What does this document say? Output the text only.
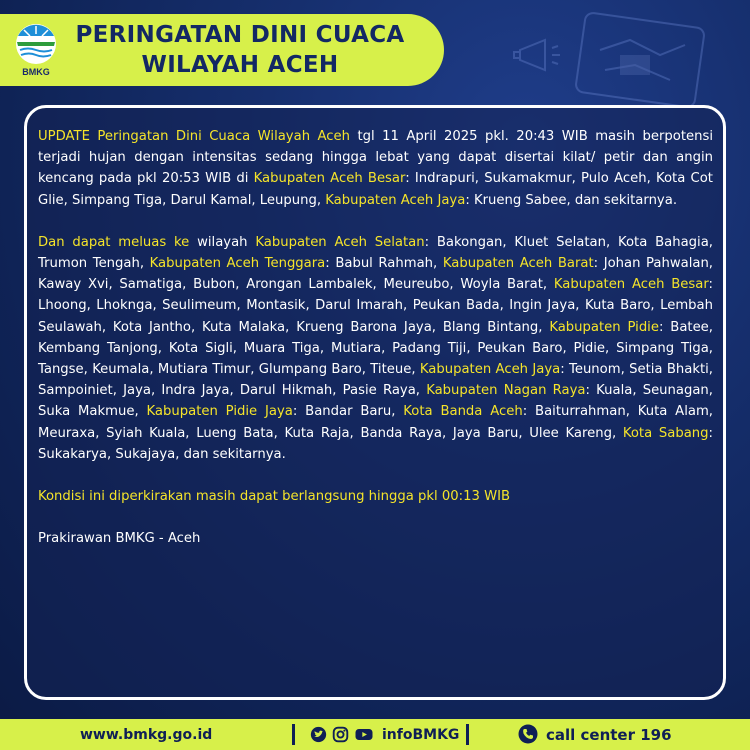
BMKG
PERINGATAN DINI CUACA
WILAYAH ACEH

UPDATE Peringatan Dini Cuaca Wilayah Aceh tgl 11 April 2025 pkl. 20:43 WIB masih berpotensi terjadi hujan dengan intensitas sedang hingga lebat yang dapat disertai kilat/ petir dan angin kencang pada pkl 20:53 WIB di Kabupaten Aceh Besar: Indrapuri, Sukamakmur, Pulo Aceh, Kota Cot Glie, Simpang Tiga, Darul Kamal, Leupung, Kabupaten Aceh Jaya: Krueng Sabee, dan sekitarnya.

Dan dapat meluas ke wilayah Kabupaten Aceh Selatan: Bakongan, Kluet Selatan, Kota Bahagia, Trumon Tengah, Kabupaten Aceh Tenggara: Babul Rahmah, Kabupaten Aceh Barat: Johan Pahwalan, Kaway Xvi, Samatiga, Bubon, Arongan Lambalek, Meureubo, Woyla Barat, Kabupaten Aceh Besar: Lhoong, Lhoknga, Seulimeum, Montasik, Darul Imarah, Peukan Bada, Ingin Jaya, Kuta Baro, Lembah Seulawah, Kota Jantho, Kuta Malaka, Krueng Barona Jaya, Blang Bintang, Kabupaten Pidie: Batee, Kembang Tanjong, Kota Sigli, Muara Tiga, Mutiara, Padang Tiji, Peukan Baro, Pidie, Simpang Tiga, Tangse, Keumala, Mutiara Timur, Glumpang Baro, Titeue, Kabupaten Aceh Jaya: Teunom, Setia Bhakti, Sampoiniet, Jaya, Indra Jaya, Darul Hikmah, Pasie Raya, Kabupaten Nagan Raya: Kuala, Seunagan, Suka Makmue, Kabupaten Pidie Jaya: Bandar Baru, Kota Banda Aceh: Baiturrahman, Kuta Alam, Meuraxa, Syiah Kuala, Lueng Bata, Kuta Raja, Banda Raya, Jaya Baru, Ulee Kareng, Kota Sabang: Sukakarya, Sukajaya, dan sekitarnya.

Kondisi ini diperkirakan masih dapat berlangsung hingga pkl 00:13 WIB

Prakirawan BMKG - Aceh

www.bmkg.go.id	infoBMKG	call center 196
